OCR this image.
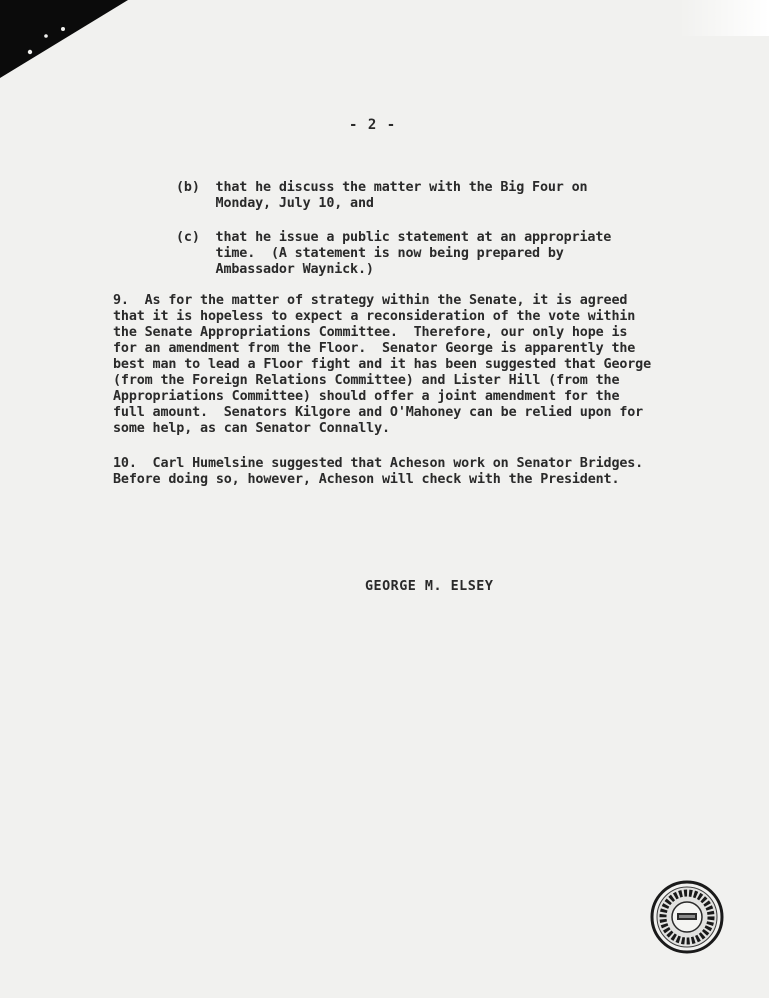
- 2 -

(b)  that he discuss the matter with the Big Four on
Monday, July 10, and

(c)  that he issue a public statement at an appropriate
time.  (A statement is now being prepared by
Ambassador Waynick.)

9.  As for the matter of strategy within the Senate, it is agreed
that it is hopeless to expect a reconsideration of the vote within
the Senate Appropriations Committee.  Therefore, our only hope is
for an amendment from the Floor.  Senator George is apparently the
best man to lead a Floor fight and it has been suggested that George
(from the Foreign Relations Committee) and Lister Hill (from the
Appropriations Committee) should offer a joint amendment for the
full amount.  Senators Kilgore and O'Mahoney can be relied upon for
some help, as can Senator Connally.

10.  Carl Humelsine suggested that Acheson work on Senator Bridges.
Before doing so, however, Acheson will check with the President.

GEORGE M. ELSEY
